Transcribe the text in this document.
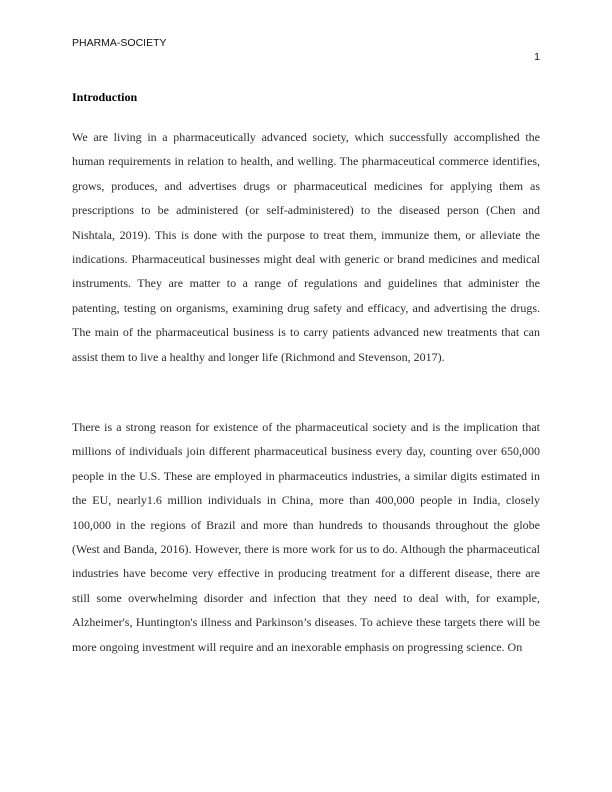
PHARMA-SOCIETY
1
Introduction

We are living in a pharmaceutically advanced society, which successfully accomplished the human requirements in relation to health, and welling. The pharmaceutical commerce identifies, grows, produces, and advertises drugs or pharmaceutical medicines for applying them as prescriptions to be administered (or self-administered) to the diseased person (Chen and Nishtala, 2019). This is done with the purpose to treat them, immunize them, or alleviate the indications. Pharmaceutical businesses might deal with generic or brand medicines and medical instruments. They are matter to a range of regulations and guidelines that administer the patenting, testing on organisms, examining drug safety and efficacy, and advertising the drugs. The main of the pharmaceutical business is to carry patients advanced new treatments that can assist them to live a healthy and longer life (Richmond and Stevenson, 2017).

There is a strong reason for existence of the pharmaceutical society and is the implication that millions of individuals join different pharmaceutical business every day, counting over 650,000 people in the U.S. These are employed in pharmaceutics industries, a similar digits estimated in the EU, nearly1.6 million individuals in China, more than 400,000 people in India, closely 100,000 in the regions of Brazil and more than hundreds to thousands throughout the globe (West and Banda, 2016). However, there is more work for us to do. Although the pharmaceutical industries have become very effective in producing treatment for a different disease, there are still some overwhelming disorder and infection that they need to deal with, for example, Alzheimer's, Huntington's illness and Parkinson’s diseases. To achieve these targets there will be more ongoing investment will require and an inexorable emphasis on progressing science. On
